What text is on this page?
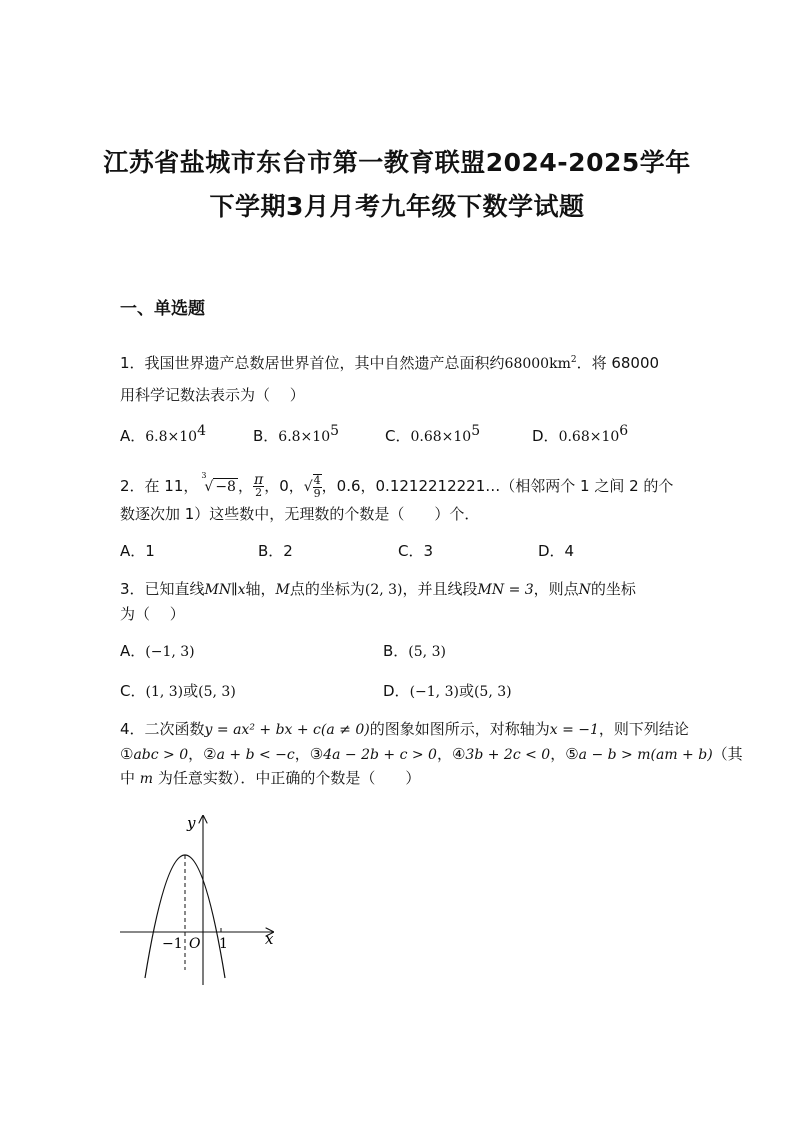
江苏省盐城市东台市第一教育联盟2024-2025学年
下学期3月月考九年级下数学试题
一、单选题
1．我国世界遗产总数居世界首位，其中自然遗产总面积约$68000km^2$．将 68000
用科学记数法表示为（　 ）
A．$6.8\times 10^4$	B．$6.8\times 10^5$	C．$0.68\times 10^5$	D．$0.68\times 10^6$
2．在 11，
3
√ −8 ， $\frac{\pi}{2}$ ，0，√ $\frac{4}{9}$ ，0.6，0.1212212221…（相邻两个 1 之间 2 的个
数逐次加 1）这些数中，无理数的个数是（　　）个．
A．1	B．2	C．3	D．4
3．已知直线MN∥x轴，M点的坐标为(2, 3)，并且线段MN = 3，则点N的坐标
为（　 ）
A．(−1, 3)	B．(5, 3)
C．(1, 3)或(5, 3)	D．(−1, 3)或(5, 3)
4．二次函数y = ax² + bx + c(a ≠ 0)的图象如图所示，对称轴为x = −1，则下列结论
①abc > 0，②a + b < −c，③4a − 2b + c > 0，④3b + 2c < 0，⑤a − b > m(am + b)（其
中 m 为任意实数）．中正确的个数是（　　）
y
x
O
−1	1
